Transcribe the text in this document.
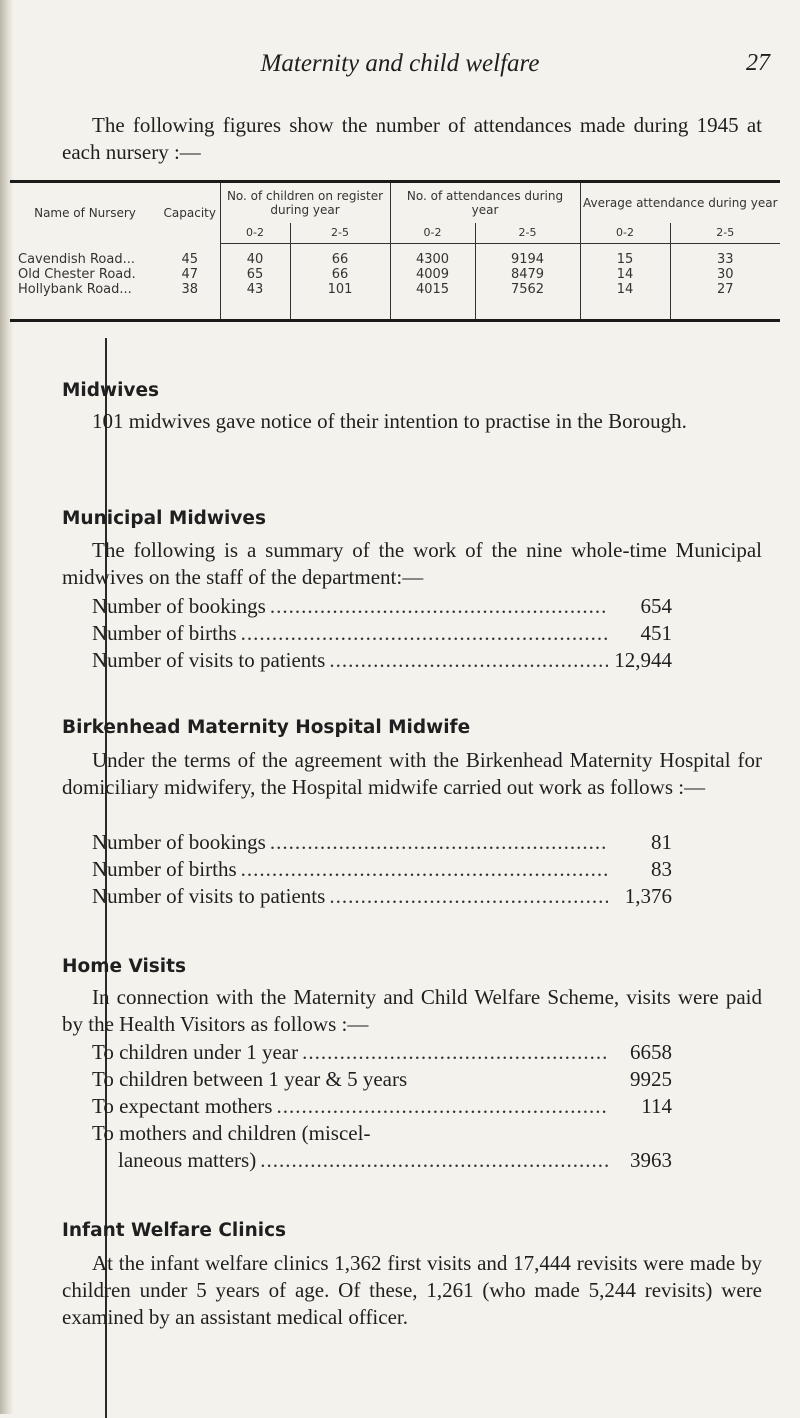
Maternity and child welfare	27
The following figures show the number of attendances made during 1945 at each nursery :—
Name of Nursery	Capacity	No. of children on register during year		No. of attendances during year		Average attendance during year	
		0-2	2-5	0-2	2-5	0-2	2-5
Cavendish Road...	45	40	66	4300	9194	15	33
Old Chester Road.	47	65	66	4009	8479	14	30
Hollybank Road...	38	43	101	4015	7562	14	27
Midwives
101 midwives gave notice of their intention to practise in the Borough.
Municipal Midwives
The following is a summary of the work of the nine whole-time Municipal midwives on the staff of the department:—
Number of bookings .....	654
Number of births .....	451
Number of visits to patients .....	12,944
Birkenhead Maternity Hospital Midwife
Under the terms of the agreement with the Birkenhead Maternity Hospital for domiciliary midwifery, the Hospital midwife carried out work as follows :—
Number of bookings .....	81
Number of births .....	83
Number of visits to patients .....	1,376
Home Visits
In connection with the Maternity and Child Welfare Scheme, visits were paid by the Health Visitors as follows :—
To children under 1 year .....	6658
To children between 1 year & 5 years	9925
To expectant mothers .....	114
To mothers and children (miscel-
laneous matters) .....	3963
Infant Welfare Clinics
At the infant welfare clinics 1,362 first visits and 17,444 revisits were made by children under 5 years of age. Of these, 1,261 (who made 5,244 revisits) were examined by an assistant medical officer.
